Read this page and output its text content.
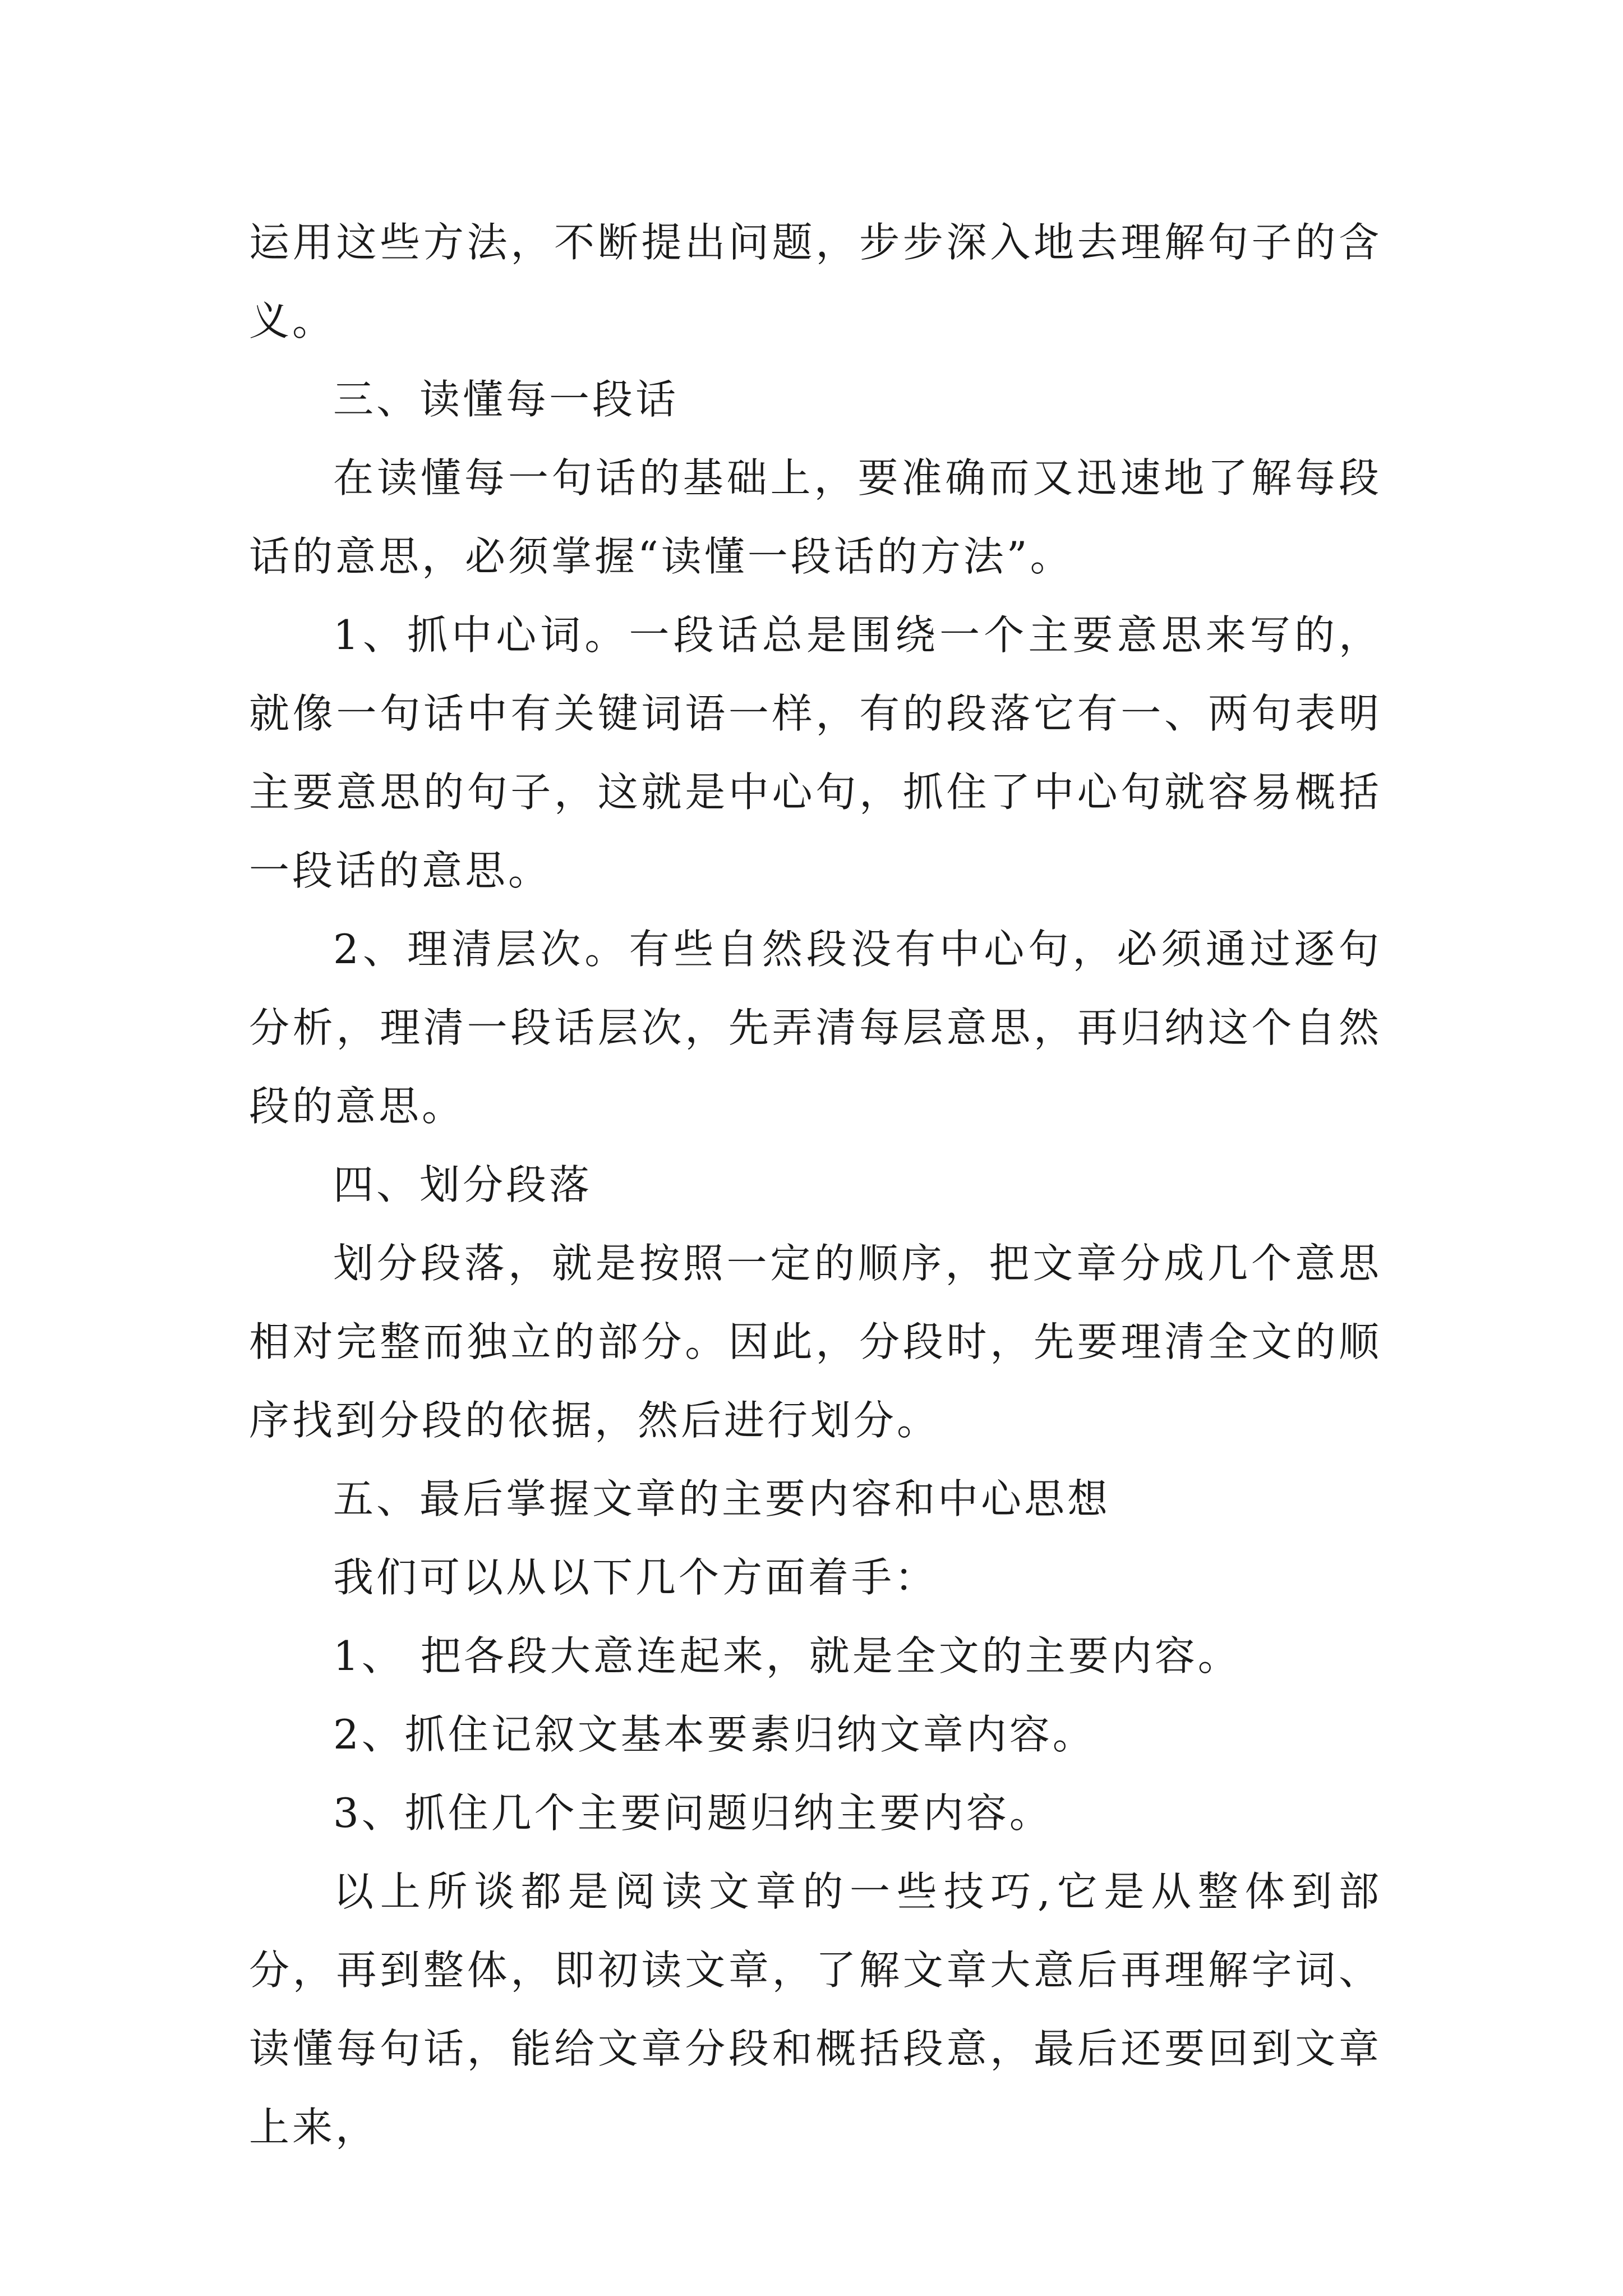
运用这些方法，不断提出问题，步步深入地去理解句子的含义。

三、读懂每一段话

在读懂每一句话的基础上，要准确而又迅速地了解每段话的意思，必须掌握“读懂一段话的方法”。

1、抓中心词。一段话总是围绕一个主要意思来写的，就像一句话中有关键词语一样，有的段落它有一、两句表明主要意思的句子，这就是中心句，抓住了中心句就容易概括一段话的意思。

2、理清层次。有些自然段没有中心句，必须通过逐句分析，理清一段话层次，先弄清每层意思，再归纳这个自然段的意思。

四、划分段落

划分段落，就是按照一定的顺序，把文章分成几个意思相对完整而独立的部分。因此，分段时，先要理清全文的顺序找到分段的依据，然后进行划分。

五、最后掌握文章的主要内容和中心思想

我们可以从以下几个方面着手：

1、 把各段大意连起来，就是全文的主要内容。

2、抓住记叙文基本要素归纳文章内容。

3、抓住几个主要问题归纳主要内容。

以上所谈都是阅读文章的一些技巧,它是从整体到部分，再到整体，即初读文章，了解文章大意后再理解字词、读懂每句话，能给文章分段和概括段意，最后还要回到文章上来，
